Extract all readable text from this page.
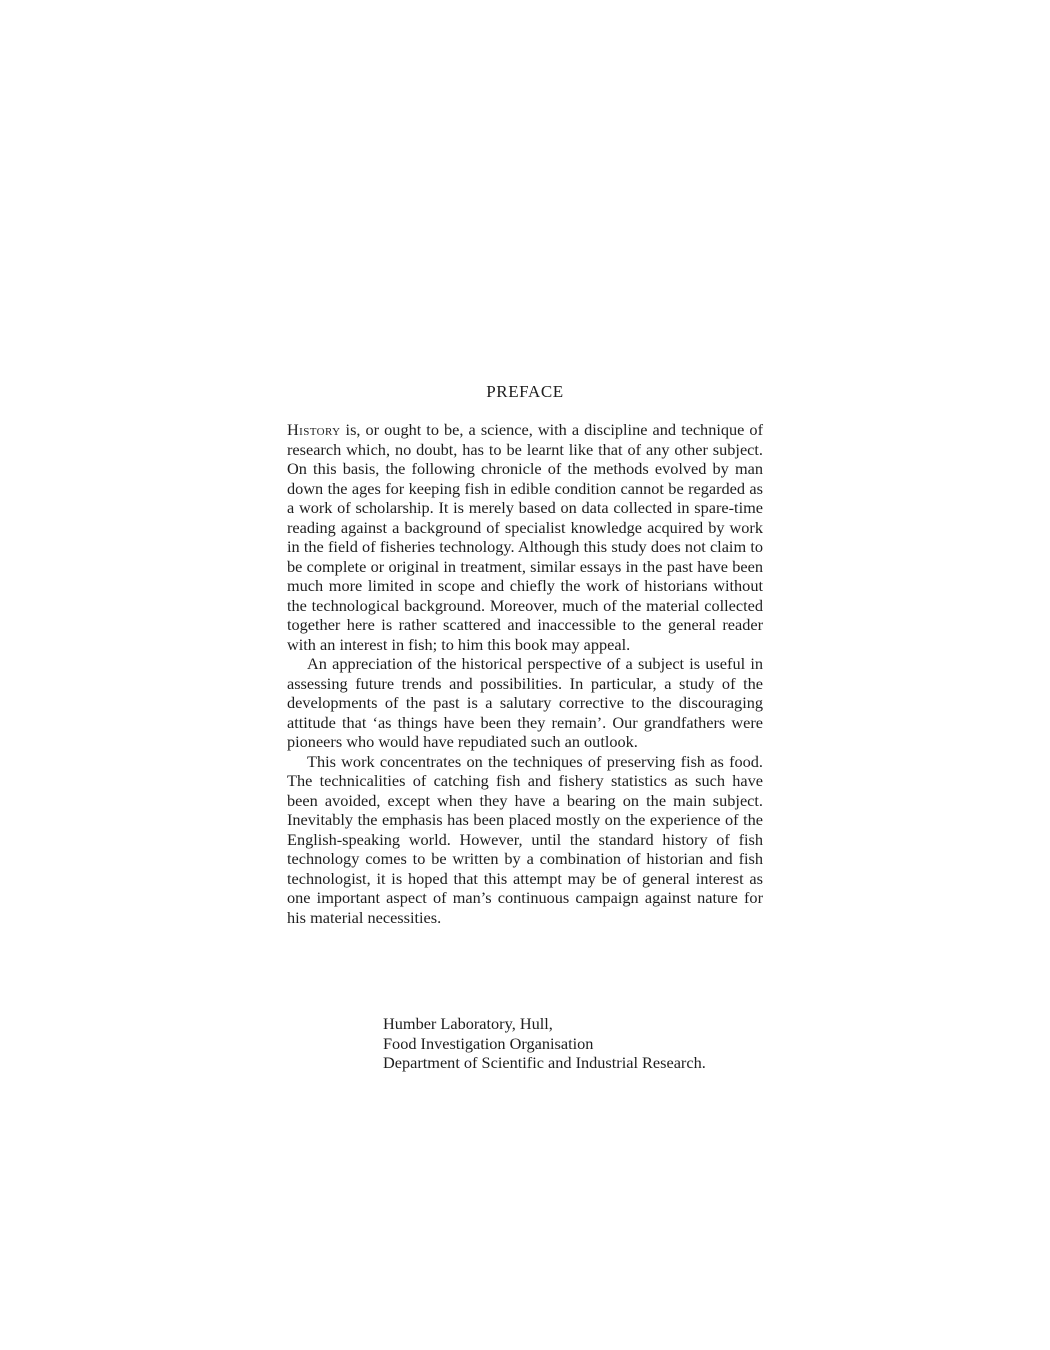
PREFACE

History is, or ought to be, a science, with a discipline and technique of research which, no doubt, has to be learnt like that of any other subject. On this basis, the following chronicle of the methods evolved by man down the ages for keeping fish in edible condition cannot be regarded as a work of scholarship. It is merely based on data collected in spare-time reading against a background of specialist knowledge acquired by work in the field of fisheries technology. Although this study does not claim to be complete or original in treatment, similar essays in the past have been much more limited in scope and chiefly the work of historians without the technological background. Moreover, much of the material collected together here is rather scattered and inaccessible to the general reader with an interest in fish; to him this book may appeal.

An appreciation of the historical perspective of a subject is useful in assessing future trends and possibilities. In particular, a study of the developments of the past is a salutary corrective to the discouraging attitude that ‘as things have been they remain’. Our grandfathers were pioneers who would have repudiated such an outlook.

This work concentrates on the techniques of preserving fish as food. The technicalities of catching fish and fishery statistics as such have been avoided, except when they have a bearing on the main subject. Inevitably the emphasis has been placed mostly on the experience of the English-speaking world. However, until the standard history of fish technology comes to be written by a combination of historian and fish technologist, it is hoped that this attempt may be of general interest as one important aspect of man’s continuous campaign against nature for his material necessities.

Humber Laboratory, Hull,
Food Investigation Organisation
Department of Scientific and Industrial Research.
